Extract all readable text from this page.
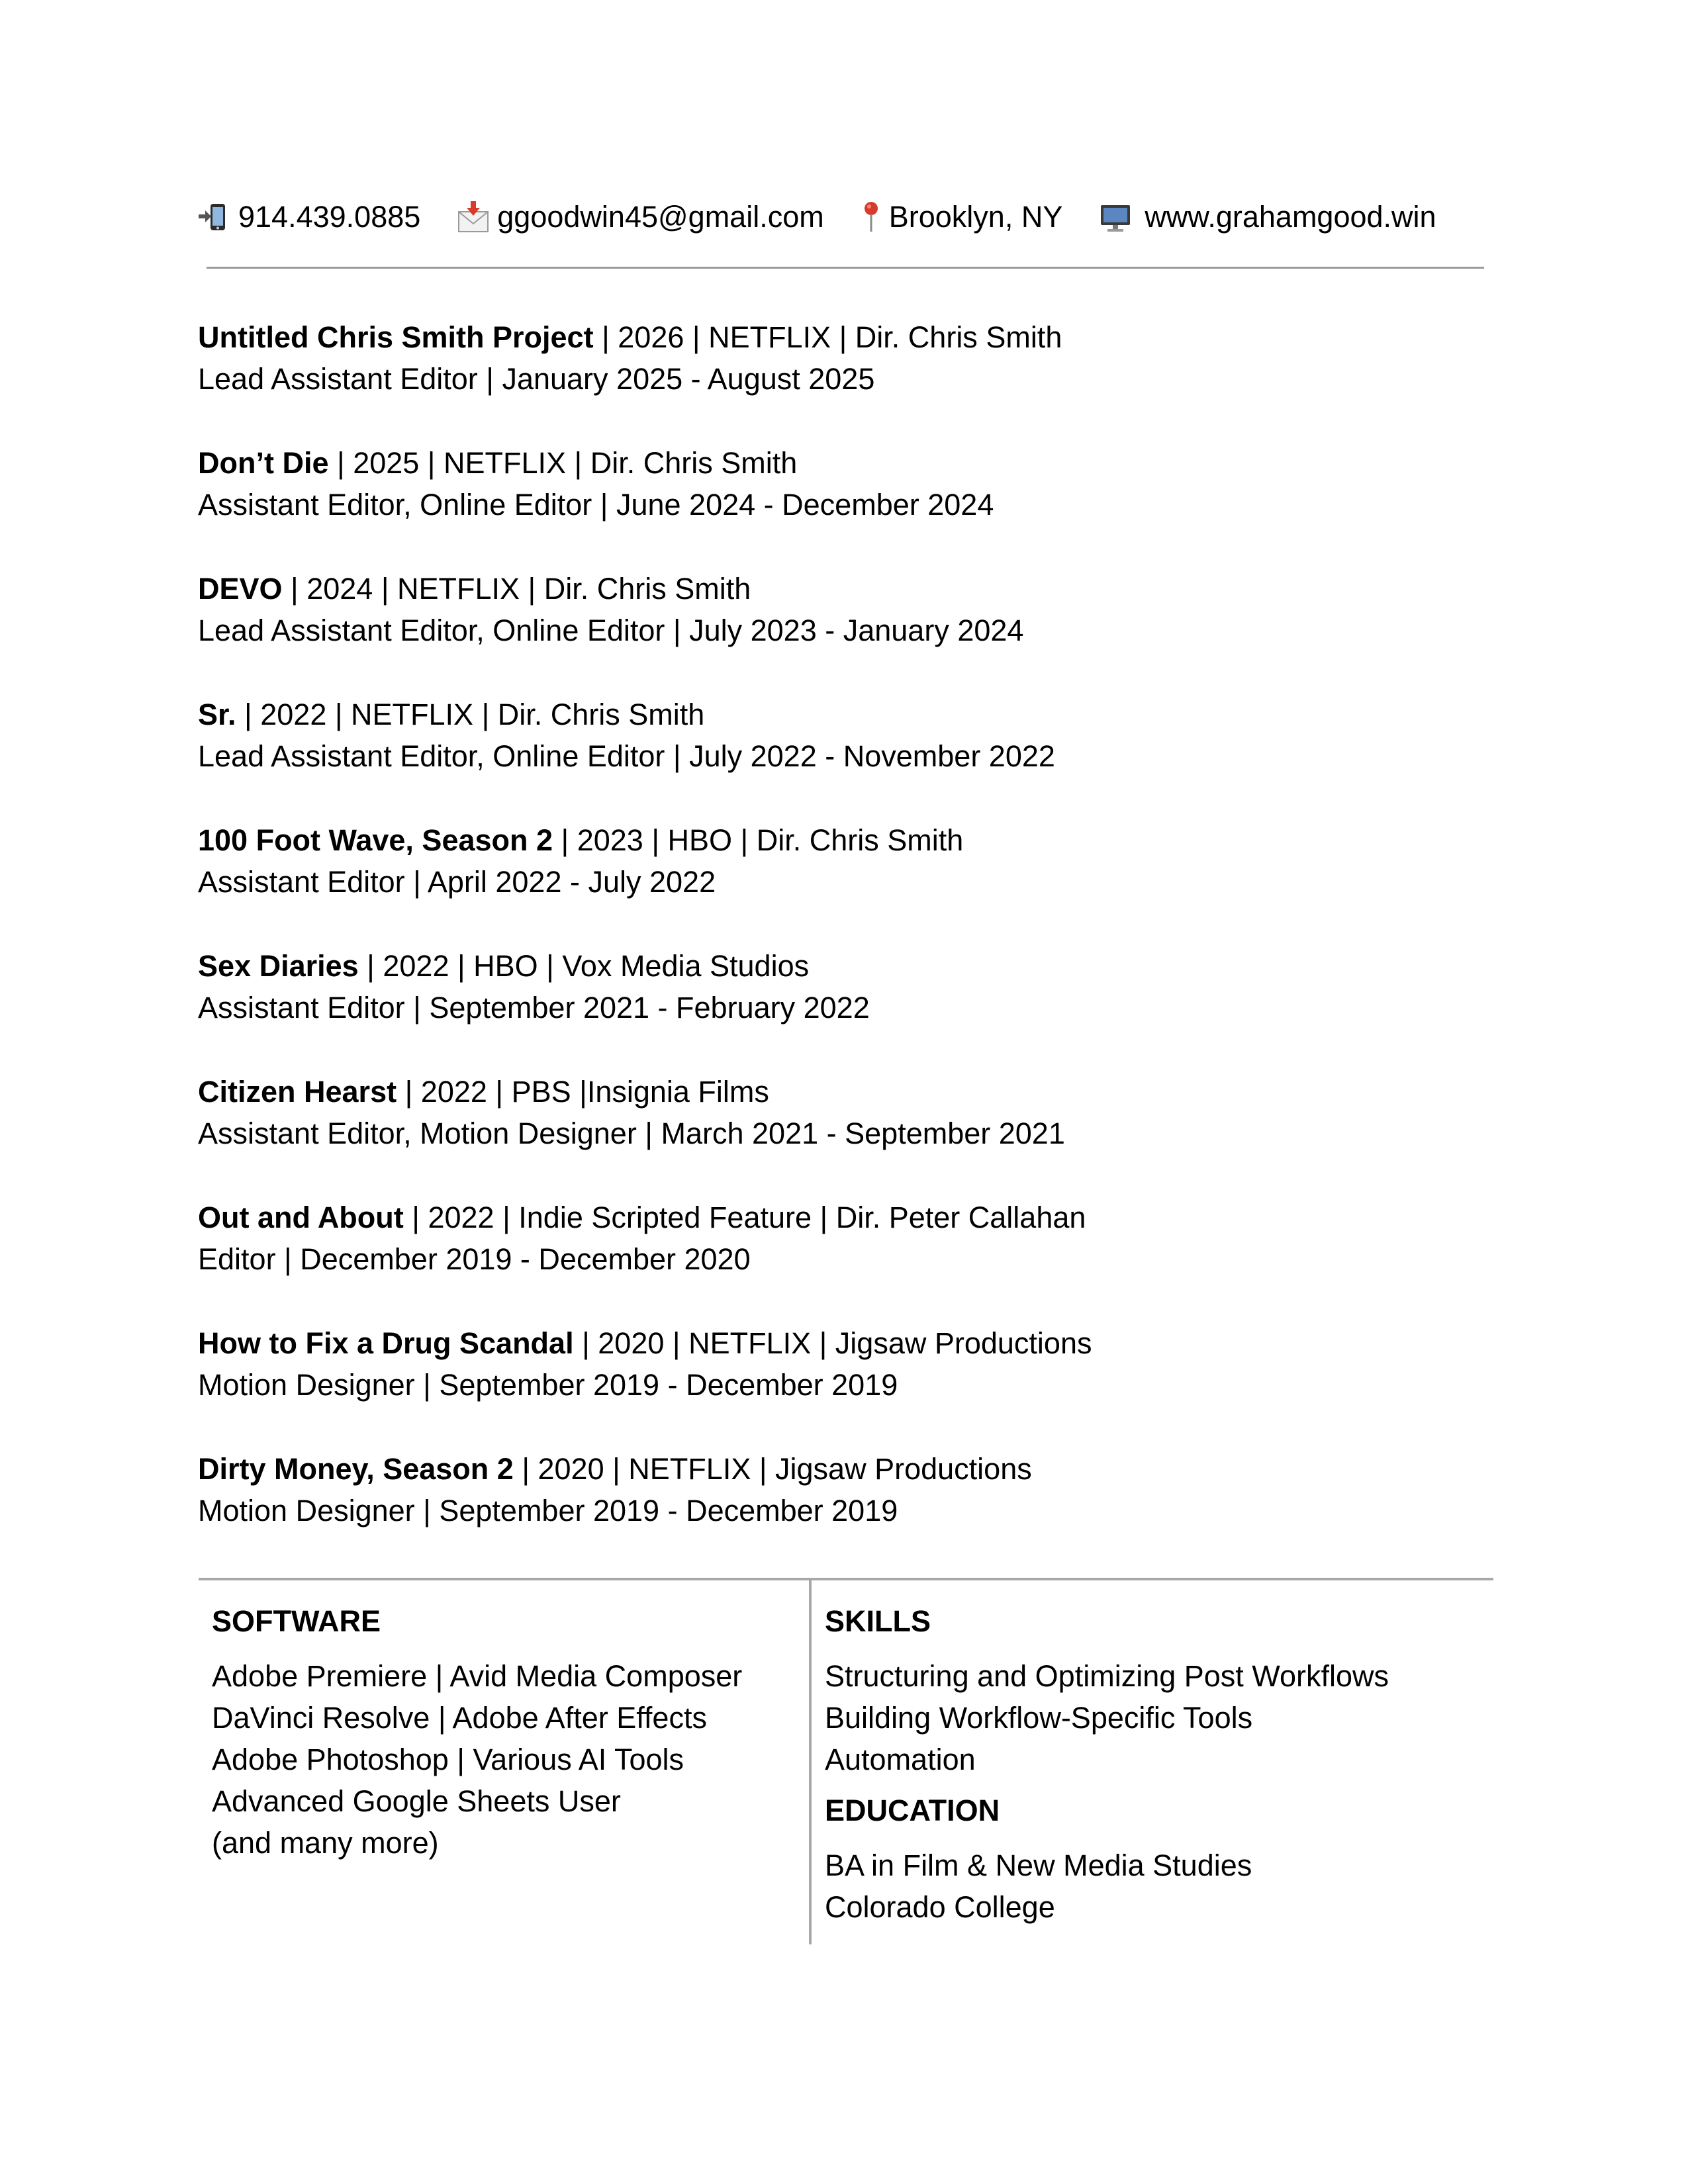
914.439.0885	ggoodwin45@gmail.com Brooklyn, NY	www.grahamgood.win
Untitled Chris Smith Project | 2026 | NETFLIX | Dir. Chris Smith
Lead Assistant Editor | January 2025 - August 2025
Don’t Die | 2025 | NETFLIX | Dir. Chris Smith
Assistant Editor, Online Editor | June 2024 - December 2024
DEVO | 2024 | NETFLIX | Dir. Chris Smith
Lead Assistant Editor, Online Editor | July 2023 - January 2024
Sr. | 2022 | NETFLIX | Dir. Chris Smith
Lead Assistant Editor, Online Editor | July 2022 - November 2022
100 Foot Wave, Season 2 | 2023 | HBO | Dir. Chris Smith
Assistant Editor | April 2022 - July 2022
Sex Diaries | 2022 | HBO | Vox Media Studios
Assistant Editor | September 2021 - February 2022
Citizen Hearst | 2022 | PBS |Insignia Films
Assistant Editor, Motion Designer | March 2021 - September 2021
Out and About | 2022 | Indie Scripted Feature | Dir. Peter Callahan
Editor | December 2019 - December 2020
How to Fix a Drug Scandal | 2020 | NETFLIX | Jigsaw Productions
Motion Designer | September 2019 - December 2019
Dirty Money, Season 2 | 2020 | NETFLIX | Jigsaw Productions
Motion Designer | September 2019 - December 2019
SOFTWARE
Adobe Premiere | Avid Media Composer
DaVinci Resolve | Adobe After Effects
Adobe Photoshop | Various AI Tools
Advanced Google Sheets User
(and many more)
SKILLS
Structuring and Optimizing Post Workflows
Building Workflow-Specific Tools
Automation
EDUCATION
BA in Film & New Media Studies
Colorado College
